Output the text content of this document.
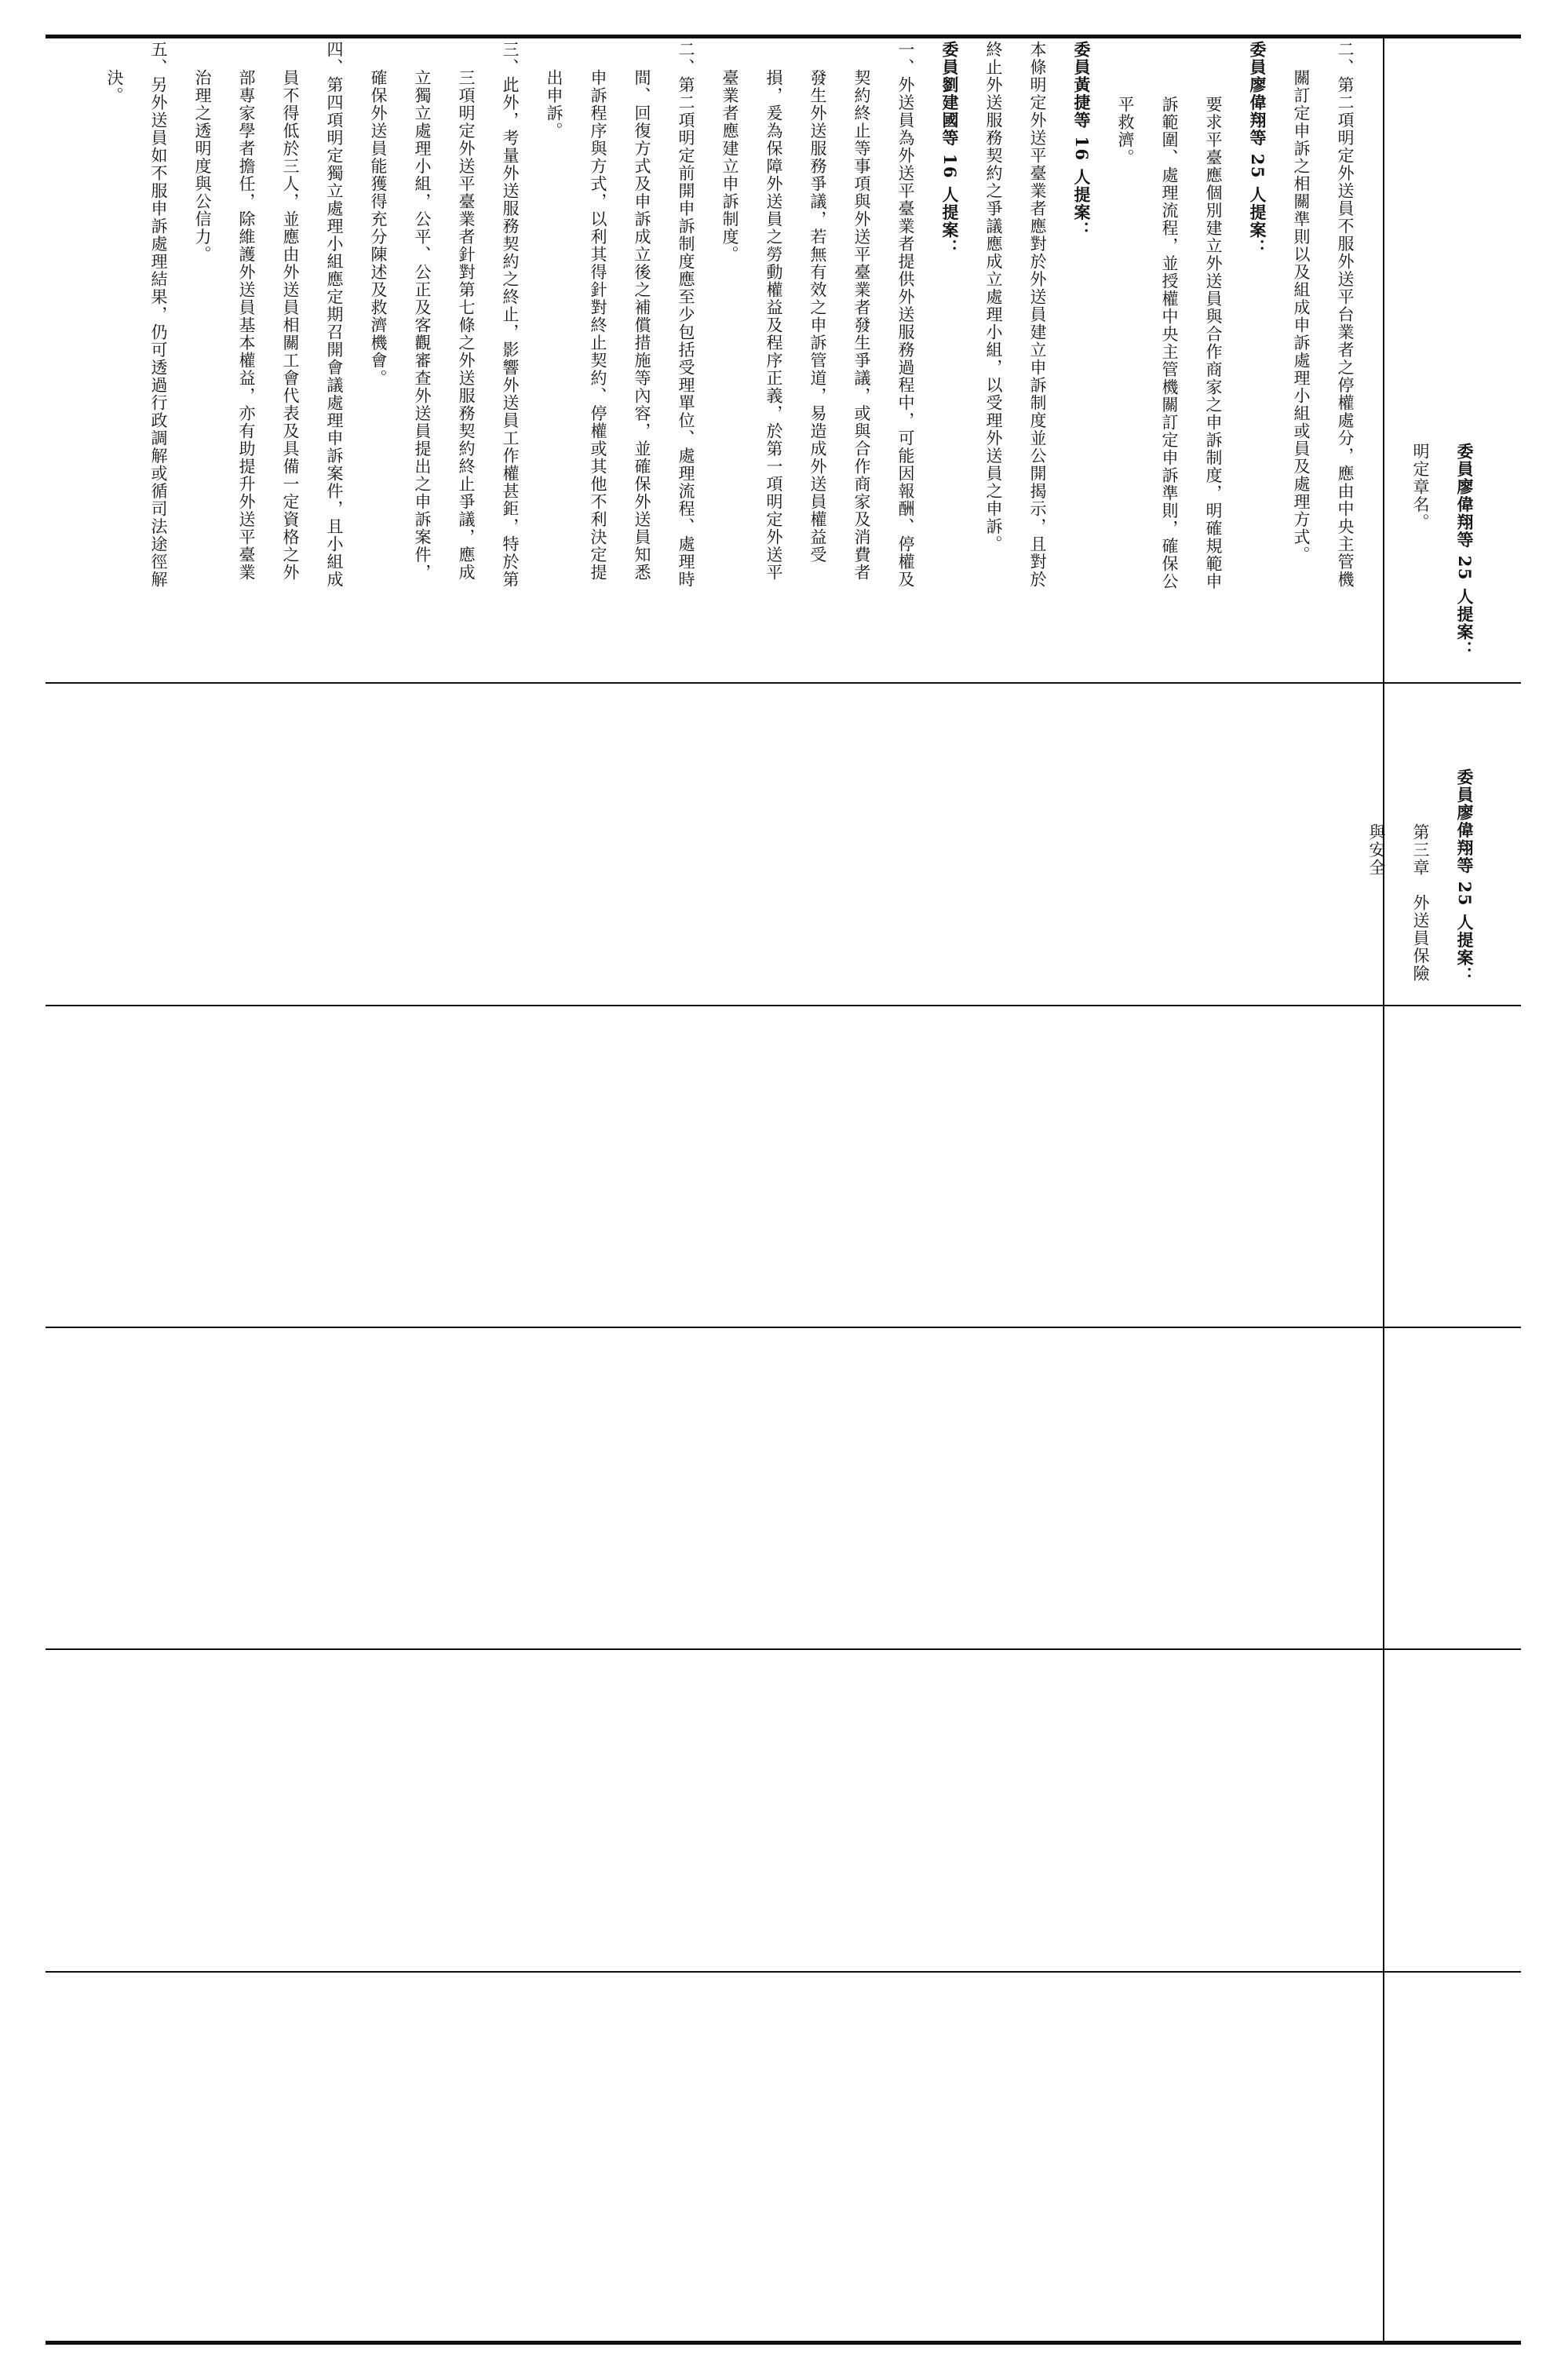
二、第二項明定外送員不服外送平台業者之停權處分，應由中央主管機關訂定申訴之相關準則以及組成申訴處理小組或員及處理方式。

委員廖偉翔等 25 人提案：

要求平臺應個別建立外送員與合作商家之申訴制度，明確規範申訴範圍、處理流程，並授權中央主管機關訂定申訴準則，確保公平救濟。

委員黃捷等 16 人提案：

本條明定外送平臺業者應對於外送員建立申訴制度並公開揭示，且對於終止外送服務契約之爭議應成立處理小組，以受理外送員之申訴。

委員劉建國等 16 人提案：

一、外送員為外送平臺業者提供外送服務過程中，可能因報酬、停權及契約終止等事項與外送平臺業者發生爭議，或與合作商家及消費者發生外送服務爭議，若無有效之申訴管道，易造成外送員權益受損，爰為保障外送員之勞動權益及程序正義，於第一項明定外送平臺業者應建立申訴制度。

二、第二項明定前開申訴制度應至少包括受理單位、處理流程、處理時間、回復方式及申訴成立後之補償措施等內容，並確保外送員知悉申訴程序與方式，以利其得針對終止契約、停權或其他不利決定提出申訴。

三、此外，考量外送服務契約之終止，影響外送員工作權甚鉅，特於第三項明定外送平臺業者針對第七條之外送服務契約終止爭議，應成立獨立處理小組，公平、公正及客觀審查外送員提出之申訴案件，確保外送員能獲得充分陳述及救濟機會。

四、第四項明定獨立處理小組應定期召開會議處理申訴案件，且小組成員不得低於三人，並應由外送員相關工會代表及具備一定資格之外部專家學者擔任，除維護外送員基本權益，亦有助提升外送平臺業治理之透明度與公信力。

五、另外送員如不服申訴處理結果，仍可透過行政調解或循司法途徑解決。

委員廖偉翔等 25 人提案：

明定章名。

委員廖偉翔等 25 人提案：

第三章　外送員保險與安全
